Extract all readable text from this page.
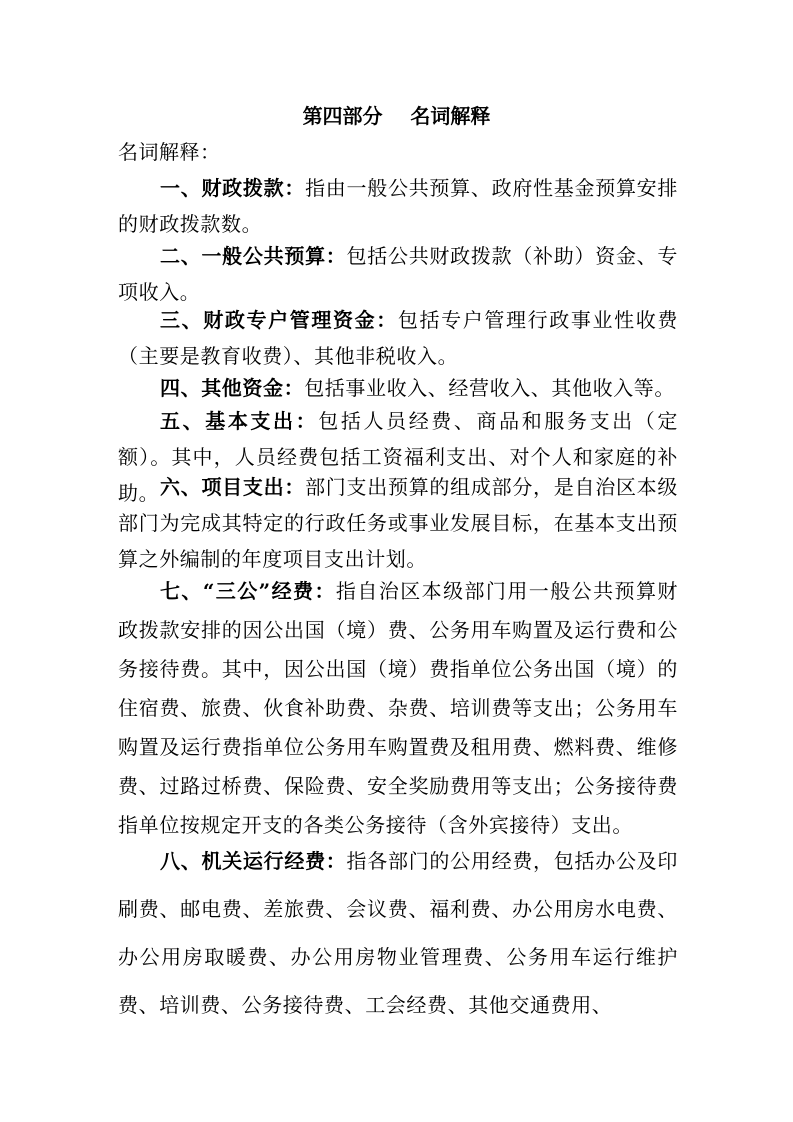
第四部分    名词解释
名词解释：
一、财政拨款：指由一般公共预算、政府性基金预算安排的财政拨款数。
二、一般公共预算：包括公共财政拨款（补助）资金、专项收入。
三、财政专户管理资金：包括专户管理行政事业性收费（主要是教育收费）、其他非税收入。
四、其他资金：包括事业收入、经营收入、其他收入等。
五、基本支出：包括人员经费、商品和服务支出（定额）。其中，人员经费包括工资福利支出、对个人和家庭的补助。 六、项目支出：部门支出预算的组成部分，是自治区本级部门为完成其特定的行政任务或事业发展目标，在基本支出预算之外编制的年度项目支出计划。
七、“三公”经费：指自治区本级部门用一般公共预算财政拨款安排的因公出国（境）费、公务用车购置及运行费和公务接待费。其中，因公出国（境）费指单位公务出国（境）的住宿费、旅费、伙食补助费、杂费、培训费等支出；公务用车购置及运行费指单位公务用车购置费及租用费、燃料费、维修费、过路过桥费、保险费、安全奖励费用等支出；公务接待费指单位按规定开支的各类公务接待（含外宾接待）支出。
八、机关运行经费：指各部门的公用经费，包括办公及印刷费、邮电费、差旅费、会议费、福利费、办公用房水电费、办公用房取暖费、办公用房物业管理费、公务用车运行维护费、培训费、公务接待费、工会经费、其他交通费用、
